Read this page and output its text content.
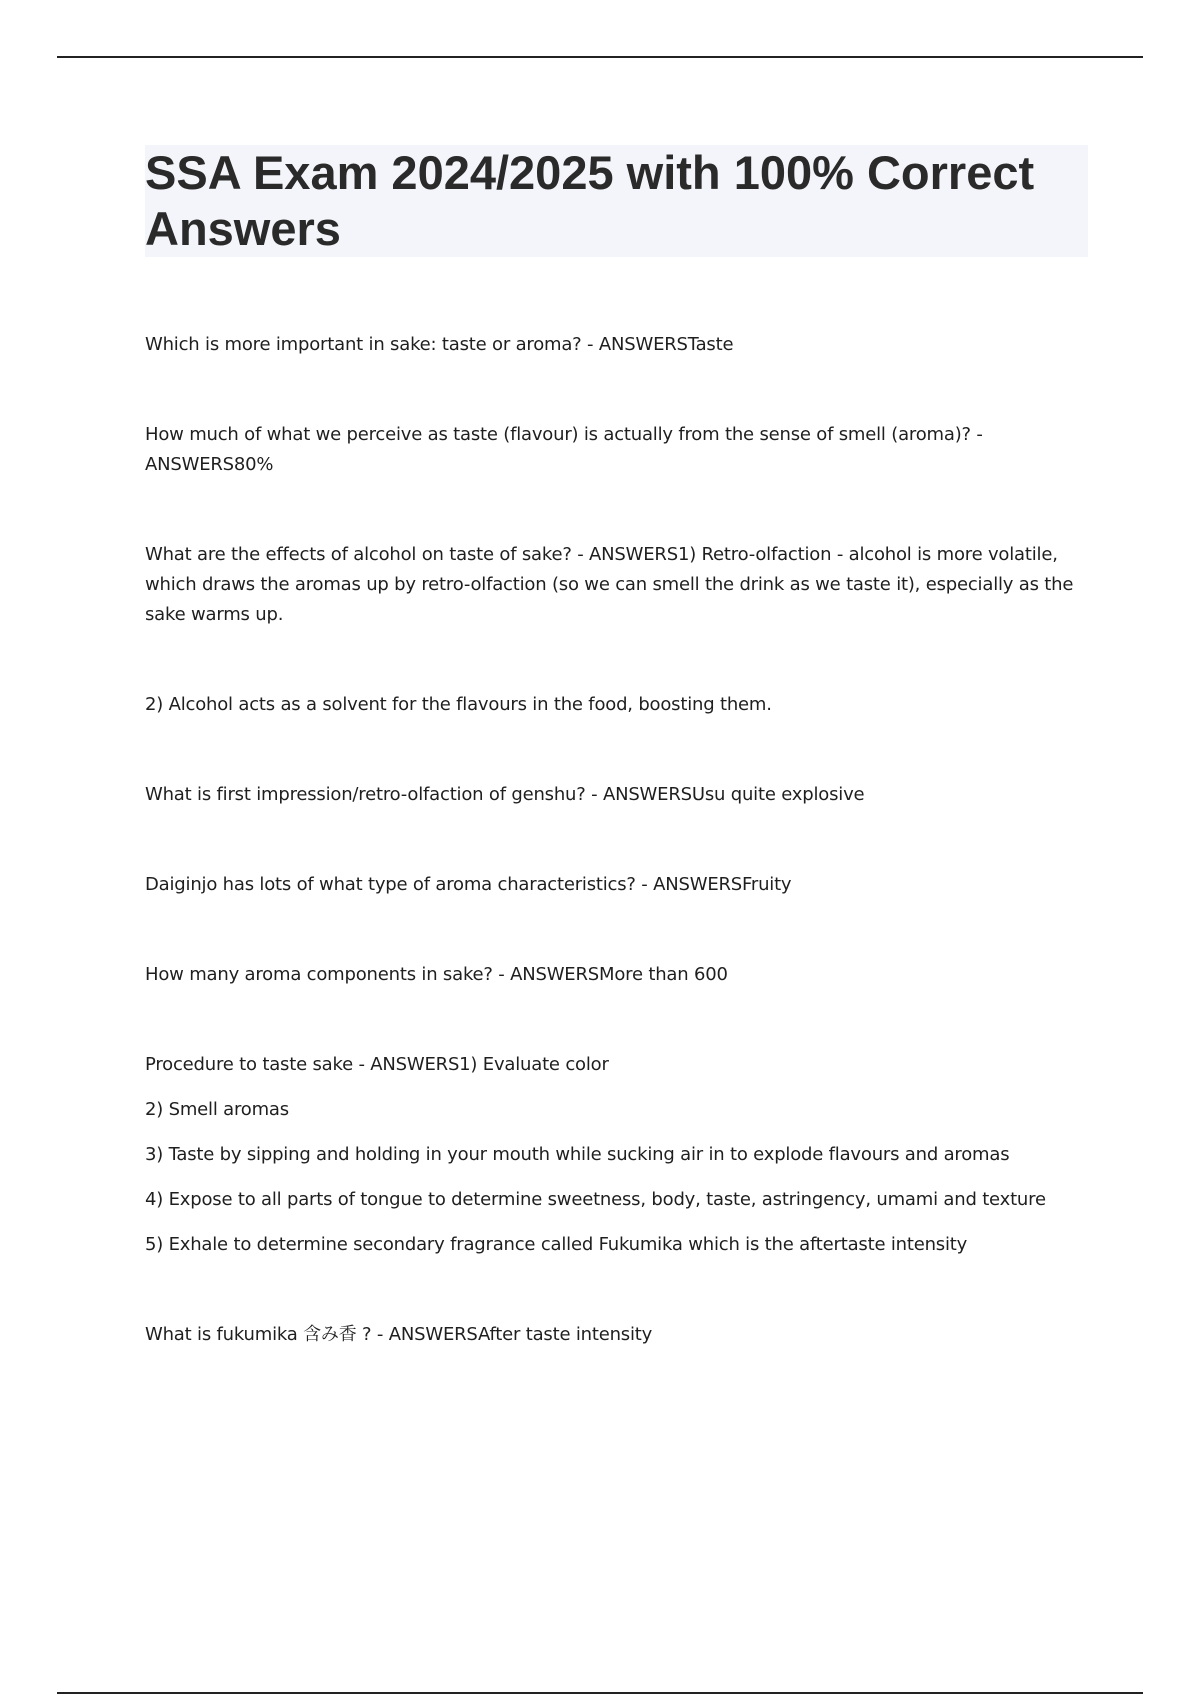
SSA Exam 2024/2025 with 100% Correct Answers

Which is more important in sake: taste or aroma? - ANSWERSTaste

How much of what we perceive as taste (flavour) is actually from the sense of smell (aroma)? - ANSWERS80%

What are the effects of alcohol on taste of sake? - ANSWERS1) Retro-olfaction - alcohol is more volatile, which draws the aromas up by retro-olfaction (so we can smell the drink as we taste it), especially as the sake warms up.

2) Alcohol acts as a solvent for the flavours in the food, boosting them.

What is first impression/retro-olfaction of genshu? - ANSWERSUsu quite explosive

Daiginjo has lots of what type of aroma characteristics? - ANSWERSFruity

How many aroma components in sake? - ANSWERSMore than 600

Procedure to taste sake - ANSWERS1) Evaluate color

2) Smell aromas

3) Taste by sipping and holding in your mouth while sucking air in to explode flavours and aromas

4) Expose to all parts of tongue to determine sweetness, body, taste, astringency, umami and texture

5) Exhale to determine secondary fragrance called Fukumika which is the aftertaste intensity

What is fukumika 含み香 ? - ANSWERSAfter taste intensity
